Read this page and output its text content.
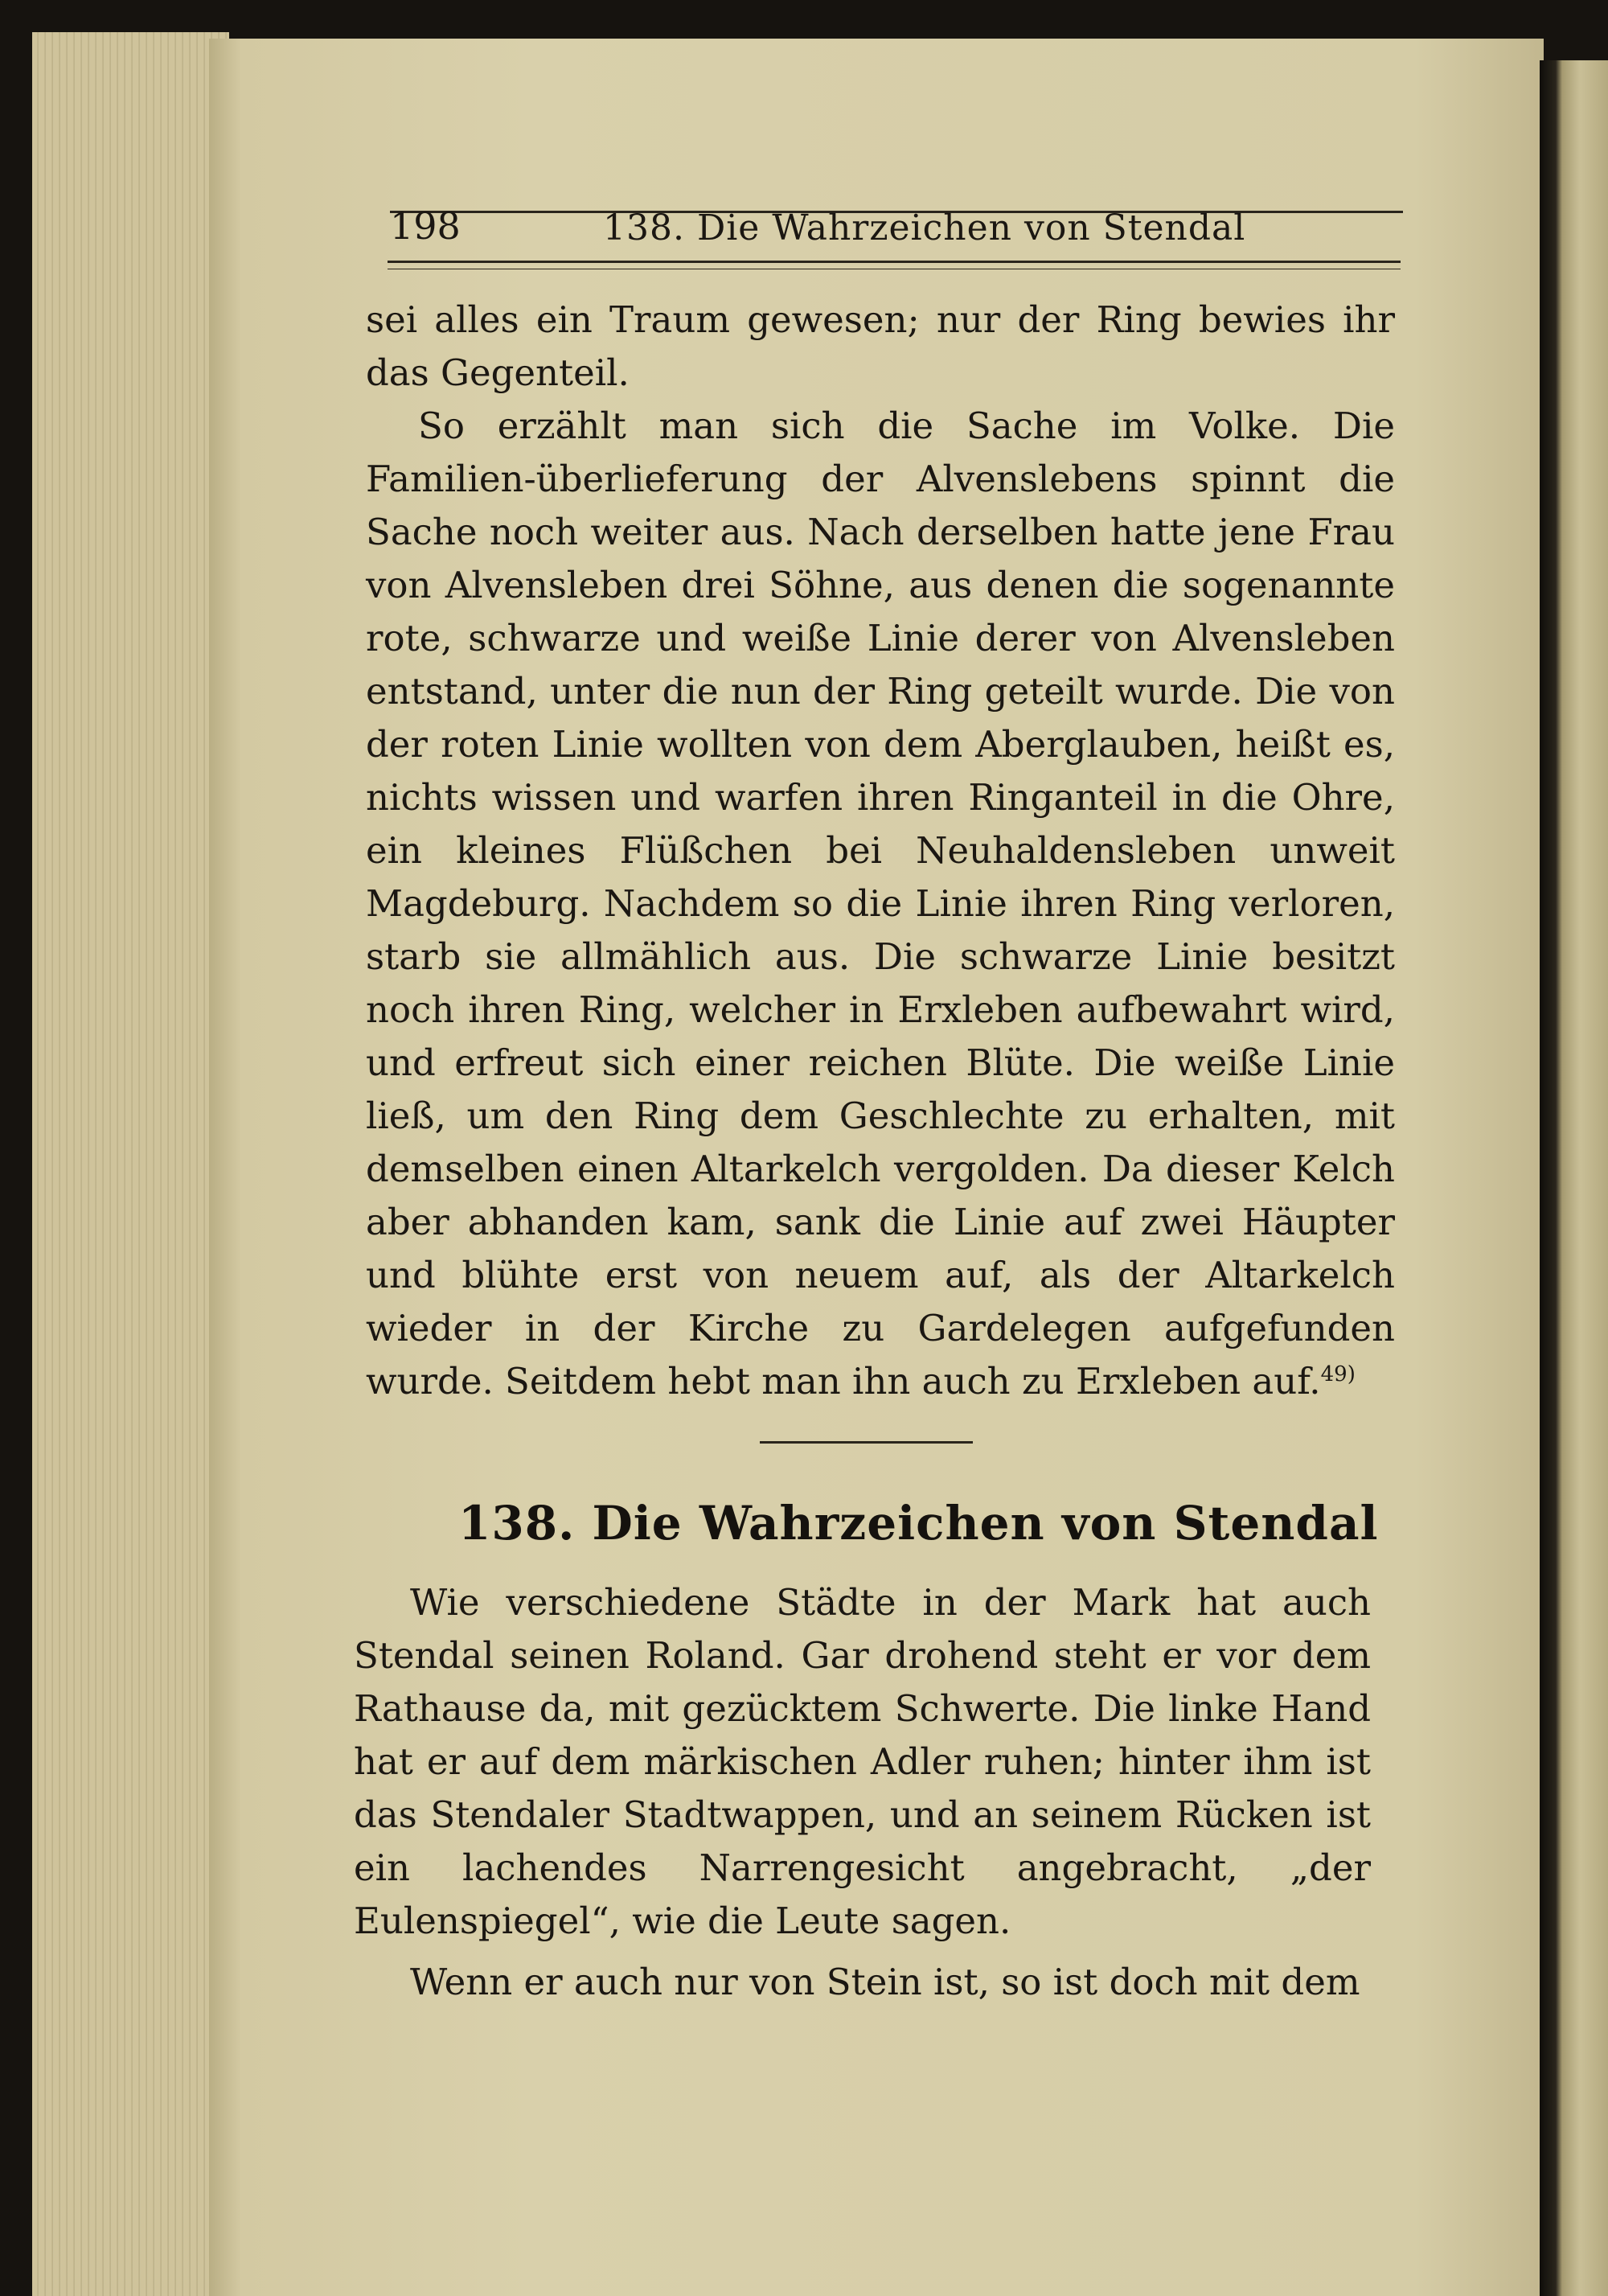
198	138. Die Wahrzeichen von Stendal

sei alles ein Traum gewesen; nur der Ring bewies ihr das Gegenteil.

So erzählt man sich die Sache im Volke. Die Familien-überlieferung der Alvenslebens spinnt die Sache noch weiter aus. Nach derselben hatte jene Frau von Alvensleben drei Söhne, aus denen die sogenannte rote, schwarze und weiße Linie derer von Alvensleben entstand, unter die nun der Ring geteilt wurde. Die von der roten Linie wollten von dem Aberglauben, heißt es, nichts wissen und warfen ihren Ringanteil in die Ohre, ein kleines Flüßchen bei Neuhaldensleben unweit Magdeburg. Nachdem so die Linie ihren Ring verloren, starb sie allmählich aus. Die schwarze Linie besitzt noch ihren Ring, welcher in Erxleben aufbewahrt wird, und erfreut sich einer reichen Blüte. Die weiße Linie ließ, um den Ring dem Geschlechte zu erhalten, mit demselben einen Altarkelch vergolden. Da dieser Kelch aber abhanden kam, sank die Linie auf zwei Häupter und blühte erst von neuem auf, als der Altarkelch wieder in der Kirche zu Gardelegen aufgefunden wurde. Seitdem hebt man ihn auch zu Erxleben auf.$^{49)}$

138. Die Wahrzeichen von Stendal

Wie verschiedene Städte in der Mark hat auch Stendal seinen Roland. Gar drohend steht er vor dem Rathause da, mit gezücktem Schwerte. Die linke Hand hat er auf dem märkischen Adler ruhen; hinter ihm ist das Stendaler Stadtwappen, und an seinem Rücken ist ein lachendes Narrengesicht angebracht, „der Eulenspiegel“, wie die Leute sagen.

Wenn er auch nur von Stein ist, so ist doch mit dem
